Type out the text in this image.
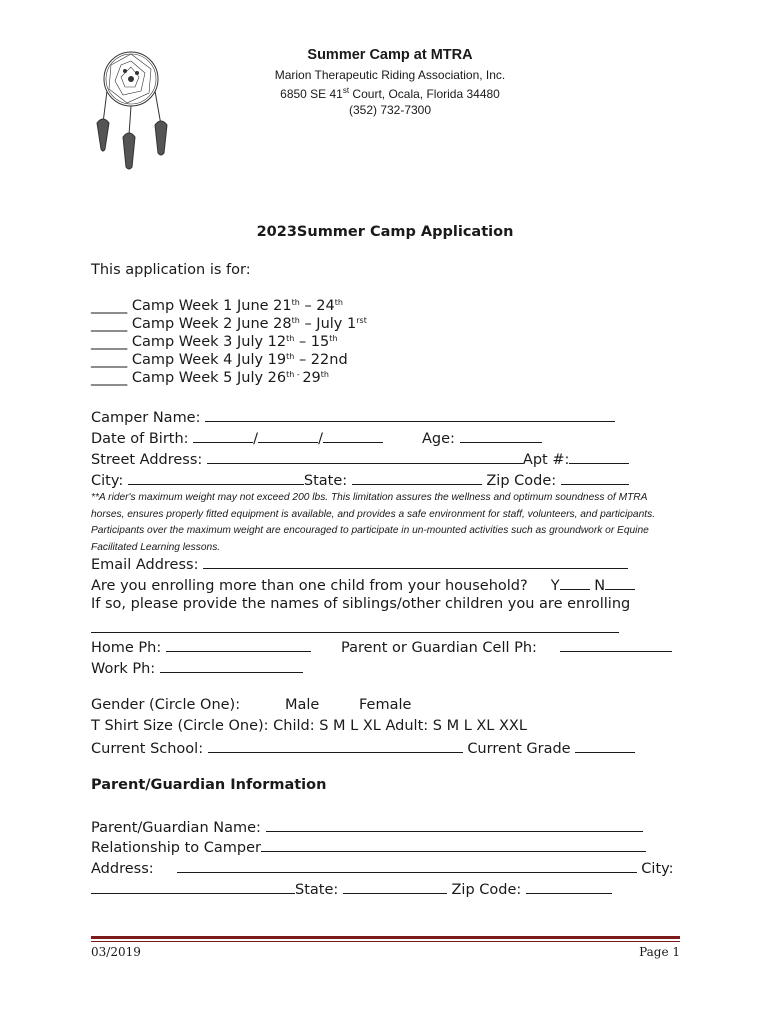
Summer Camp at MTRA
Marion Therapeutic Riding Association, Inc.
6850 SE 41st Court, Ocala, Florida 34480
(352) 732-7300
2023Summer Camp Application
This application is for:
_____ Camp Week 1 June 21th – 24th
_____ Camp Week 2 June 28th – July $1^{rst}$
_____ Camp Week 3 July 12th – 15th
_____ Camp Week 4 July 19th – 22nd
_____ Camp Week 5 July $26^{th -}$ 29th
Camper Name:
Date of Birth:	/	/	Age:
Street Address:	Apt #:
City:	State:	Zip Code:
**A rider's maximum weight may not exceed 200 lbs. This limitation assures the wellness and optimum soundness of MTRA horses, ensures properly fitted equipment is available, and provides a safe environment for staff, volunteers, and participants. Participants over the maximum weight are encouraged to participate in un-mounted activities such as groundwork or Equine Facilitated Learning lessons.
Email Address:
Are you enrolling more than one child from your household? Y N
If so, please provide the names of siblings/other children you are enrolling
Home Ph:	Parent or Guardian Cell Ph:
Work Ph:
Gender (Circle One):	Male	Female
T Shirt Size (Circle One): Child: S M L XL Adult: S M L XL XXL
Current School:	Current Grade
Parent/Guardian Information
Parent/Guardian Name:
Relationship to Camper
Address:	City:
State:	Zip Code:
03/2019	Page 1
